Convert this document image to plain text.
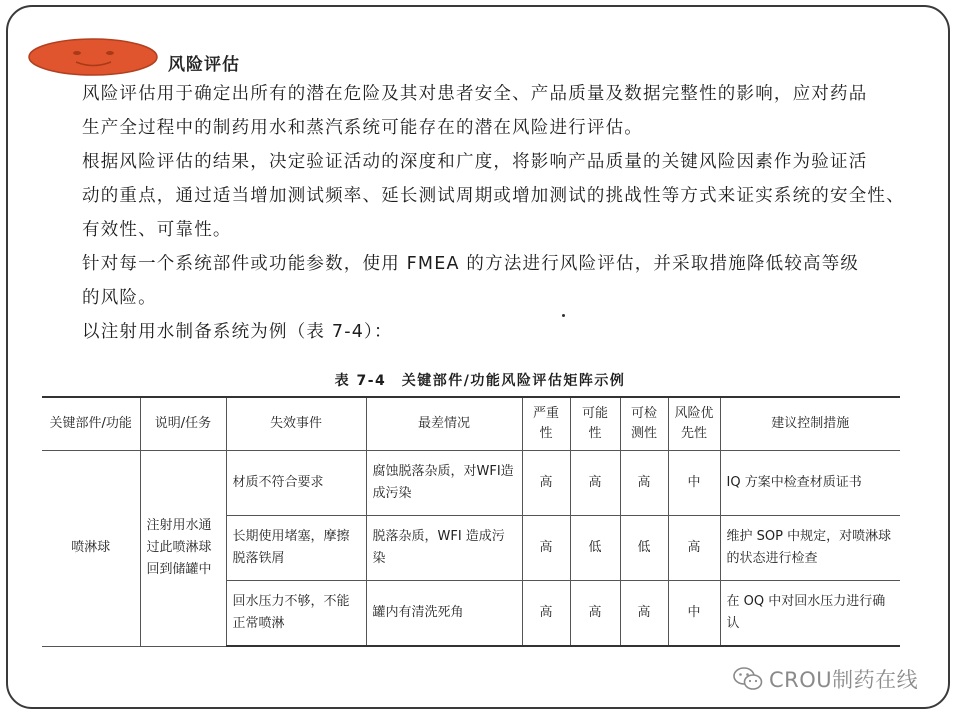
风险评估
风险评估用于确定出所有的潜在危险及其对患者安全、产品质量及数据完整性的影响，应对药品
生产全过程中的制药用水和蒸汽系统可能存在的潜在风险进行评估。
根据风险评估的结果，决定验证活动的深度和广度，将影响产品质量的关键风险因素作为验证活
动的重点，通过适当增加测试频率、延长测试周期或增加测试的挑战性等方式来证实系统的安全性、
有效性、可靠性。
针对每一个系统部件或功能参数，使用 FMEA 的方法进行风险评估，并采取措施降低较高等级
的风险。
以注射用水制备系统为例（表 7-4）：
表 7-4　关键部件/功能风险评估矩阵示例
关键部件/功能	说明/任务	失效事件	最差情况	严重性	可能性	可检测性	风险优先性	建议控制措施
喷淋球	注射用水通过此喷淋球回到储罐中	材质不符合要求	腐蚀脱落杂质，对WFI造成污染	高	高	高	中	IQ 方案中检查材质证书
		长期使用堵塞，摩擦脱落铁屑	脱落杂质，WFI 造成污染	高	低	低	高	维护 SOP 中规定，对喷淋球的状态进行检查
		回水压力不够，不能正常喷淋	罐内有清洗死角	高	高	高	中	在 OQ 中对回水压力进行确认
CROU制药在线
